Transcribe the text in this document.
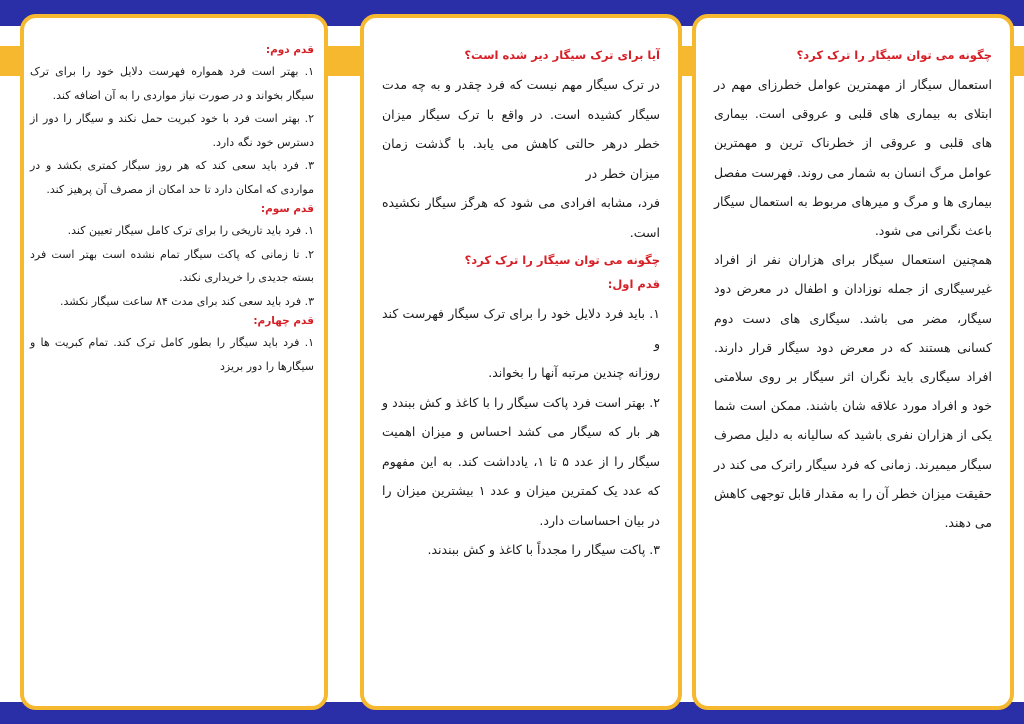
چگونه می توان سیگار را ترک کرد؟

استعمال سیگار از مهمترین عوامل خطرزای مهم در ابتلای به بیماری های قلبی و عروقی است. بیماری های قلبی و عروقی از خطرناک ترین و مهمترین عوامل مرگ انسان به شمار می روند. فهرست مفصل بیماری ها و مرگ و میرهای مربوط به استعمال سیگار باعث نگرانی می شود.

همچنین استعمال سیگار برای هزاران نفر از افراد غیرسیگاری از جمله نوزادان و اطفال در معرض دود سیگار، مضر می باشد. سیگاری های دست دوم کسانی هستند که در معرض دود سیگار قرار دارند. افراد سیگاری باید نگران اثر سیگار بر روی سلامتی خود و افراد مورد علاقه شان باشند. ممکن است شما یکی از هزاران نفری باشید که سالیانه به دلیل مصرف سیگار میمیرند. زمانی که فرد سیگار راترک می کند در حقیقت میزان خطر آن را به مقدار قابل توجهی کاهش می دهند.

آیا برای ترک سیگار دیر شده است؟

در ترک سیگار مهم نیست که فرد چقدر و به چه مدت سیگار کشیده است. در واقع با ترک سیگار میزان خطر درهر حالتی کاهش می یابد. با گذشت زمان میزان خطر در

فرد، مشابه افرادی می شود که هرگز سیگار نکشیده است.

چگونه می توان سیگار را ترک کرد؟

قدم اول:

۱. باید فرد دلایل خود را برای ترک سیگار فهرست کند و

روزانه چندین مرتبه آنها را بخواند.

۲. بهتر است فرد پاکت سیگار را با کاغذ و کش ببندد و هر بار که سیگار می کشد احساس و میزان اهمیت سیگار را از عدد ۵ تا ۱، یادداشت کند. به این مفهوم که عدد یک کمترین میزان و عدد ۱ بیشترین میزان را در بیان احساسات دارد.

۳. پاکت سیگار را مجدداً با کاغذ و کش ببندند.

قدم دوم:

۱. بهتر است فرد همواره فهرست دلایل خود را برای ترک سیگار بخواند و در صورت نیاز مواردی را به آن اضافه کند.

۲. بهتر است فرد با خود کبریت حمل نکند و سیگار را دور از دسترس خود نگه دارد.

۳. فرد باید سعی کند که هر روز سیگار کمتری بکشد و در مواردی که امکان دارد تا حد امکان از مصرف آن پرهیز کند.

قدم سوم:

۱. فرد باید تاریخی را برای ترک کامل سیگار تعیین کند.

۲. تا زمانی که پاکت سیگار تمام نشده است بهتر است فرد بسته جدیدی را خریداری نکند.

۳. فرد باید سعی کند برای مدت ۸۴ ساعت سیگار نکشد.

قدم چهارم:

۱. فرد باید سیگار را بطور کامل ترک کند. تمام کبریت ها و سیگارها را دور بریزد
